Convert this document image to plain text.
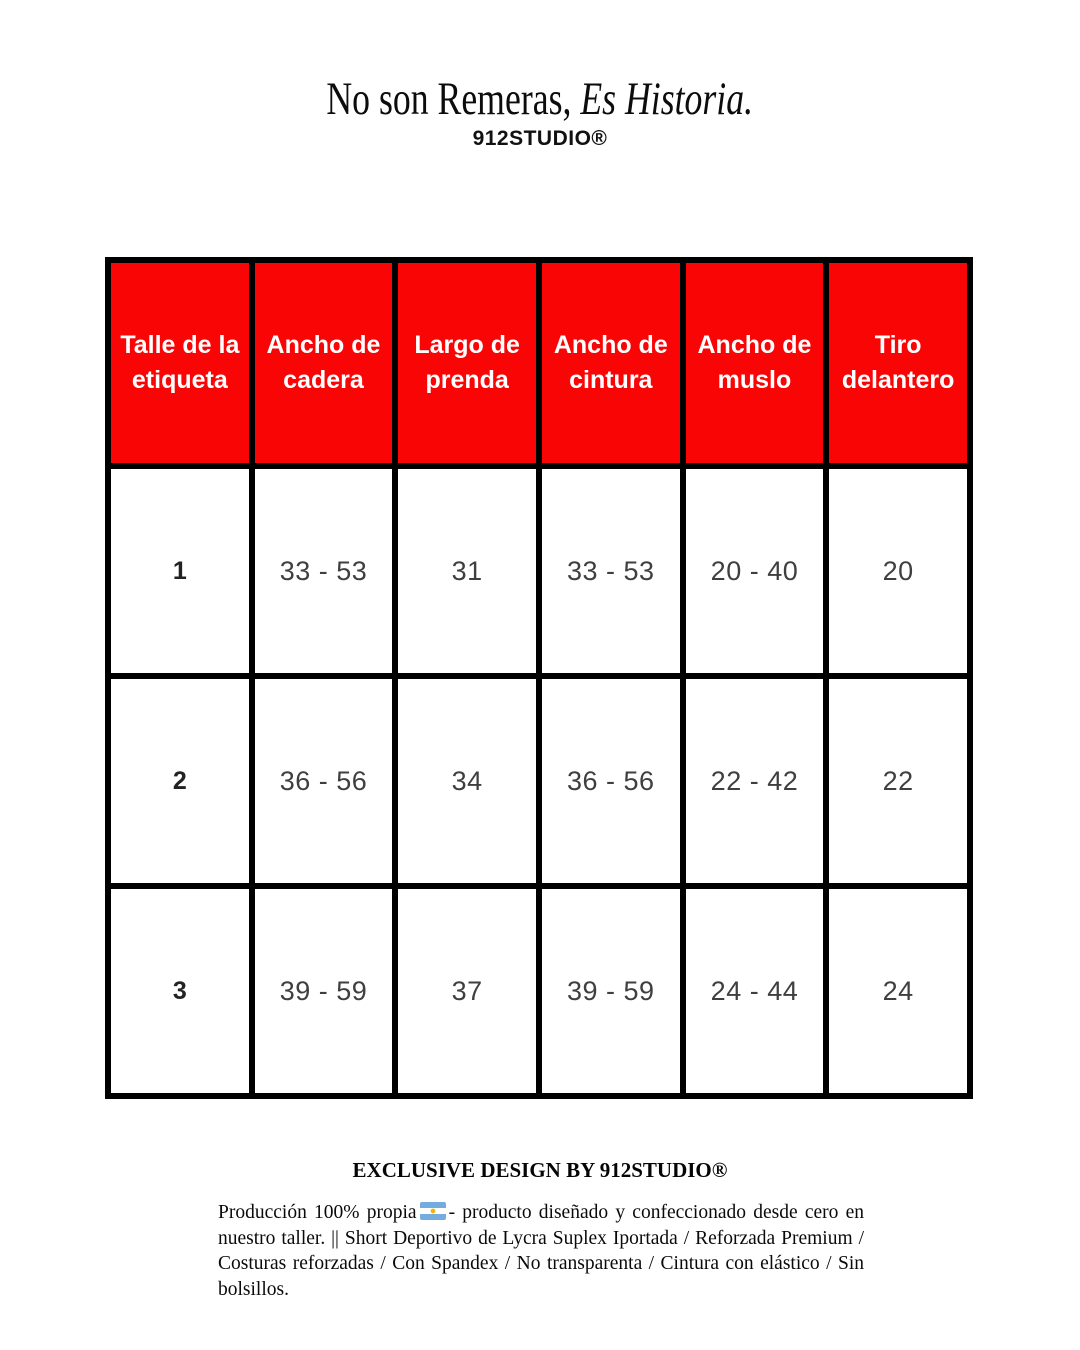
No son Remeras, Es Historia.
912STUDIO®
Talle de la etiqueta	Ancho de cadera	Largo de prenda	Ancho de cintura	Ancho de muslo	Tiro delantero
1	33 - 53	31	33 - 53	20 - 40	20
2	36 - 56	34	36 - 56	22 - 42	22
3	39 - 59	37	39 - 59	24 - 44	24
EXCLUSIVE DESIGN BY 912STUDIO®

Producción 100% propia - producto diseñado y confeccionado desde cero en nuestro taller. || Short Deportivo de Lycra Suplex Iportada / Reforzada Premium / Costuras reforzadas / Con Spandex / No transparenta / Cintura con elástico / Sin bolsillos.
